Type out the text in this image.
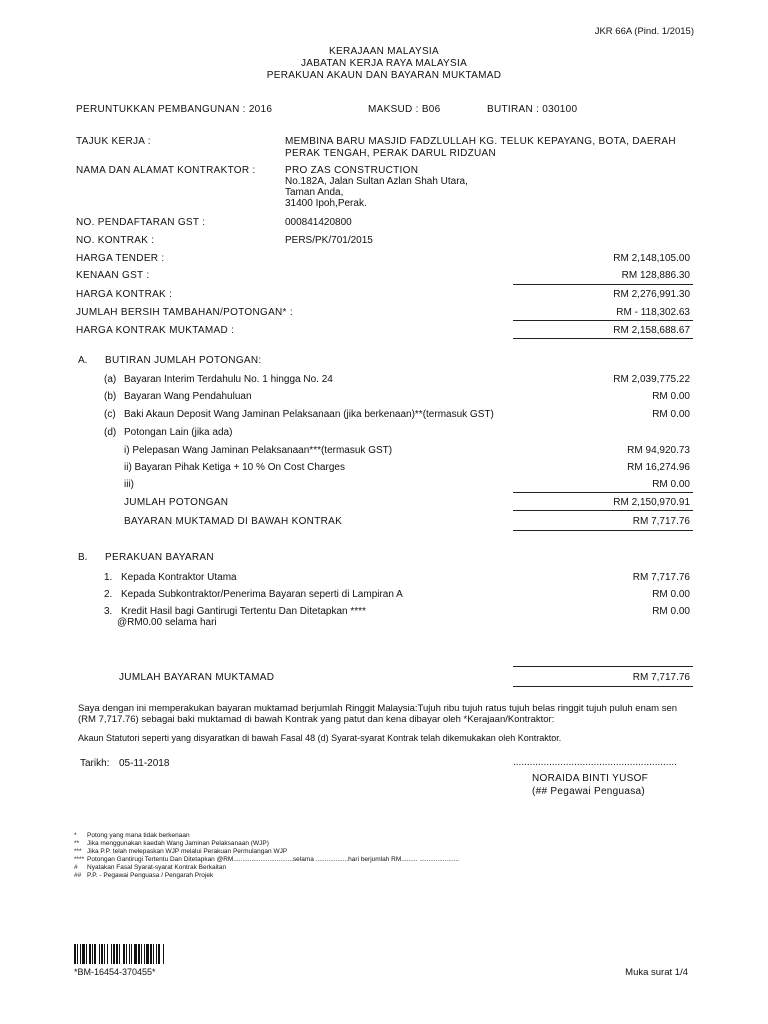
JKR 66A (Pind. 1/2015)
KERAJAAN MALAYSIA
JABATAN KERJA RAYA MALAYSIA
PERAKUAN AKAUN DAN BAYARAN MUKTAMAD
PERUNTUKKAN PEMBANGUNAN : 2016	MAKSUD : B06	BUTIRAN : 030100
TAJUK KERJA :	MEMBINA BARU MASJID FADZLULLAH KG. TELUK KEPAYANG, BOTA, DAERAH
PERAK TENGAH, PERAK DARUL RIDZUAN
NAMA DAN ALAMAT KONTRAKTOR :	PRO ZAS CONSTRUCTION
No.182A, Jalan Sultan Azlan Shah Utara,
Taman Anda,
31400 Ipoh,Perak.
NO. PENDAFTARAN GST :	000841420800
NO. KONTRAK :	PERS/PK/701/2015
HARGA TENDER :	RM 2,148,105.00
KENAAN GST :	RM 128,886.30
HARGA KONTRAK :	RM 2,276,991.30
JUMLAH BERSIH TAMBAHAN/POTONGAN* :	RM - 118,302.63
HARGA KONTRAK MUKTAMAD :	RM 2,158,688.67
A. BUTIRAN JUMLAH POTONGAN:
(a) Bayaran Interim Terdahulu No. 1 hingga No. 24	RM 2,039,775.22
(b) Bayaran Wang Pendahuluan	RM 0.00
(c) Baki Akaun Deposit Wang Jaminan Pelaksanaan (jika berkenaan)**(termasuk GST)	RM 0.00
(d) Potongan Lain (jika ada)
i) Pelepasan Wang Jaminan Pelaksanaan***(termasuk GST)	RM 94,920.73
ii) Bayaran Pihak Ketiga + 10 % On Cost Charges	RM 16,274.96
iii)	RM 0.00
JUMLAH POTONGAN	RM 2,150,970.91
BAYARAN MUKTAMAD DI BAWAH KONTRAK	RM 7,717.76
B. PERAKUAN BAYARAN
1. Kepada Kontraktor Utama	RM 7,717.76
2. Kepada Subkontraktor/Penerima Bayaran seperti di Lampiran A	RM 0.00
3. Kredit Hasil bagi Gantirugi Tertentu Dan Ditetapkan ****
@RM0.00 selama hari
RM 0.00
JUMLAH BAYARAN MUKTAMAD	RM 7,717.76
Saya dengan ini memperakukan bayaran muktamad berjumlah Ringgit Malaysia:Tujuh ribu tujuh ratus tujuh belas ringgit tujuh puluh enam sen (RM 7,717.76) sebagai baki muktamad di bawah Kontrak yang patut dan kena dibayar oleh *Kerajaan/Kontraktor:
Akaun Statutori seperti yang disyaratkan di bawah Fasal 48 (d) Syarat-syarat Kontrak telah dikemukakan oleh Kontraktor.
Tarikh: 05-11-2018	...........................................................
NORAIDA BINTI YUSOF
(## Pegawai Penguasa)
* Potong yang mana tidak berkenaan
** Jika menggunakan kaedah Wang Jaminan Pelaksanaan (WJP)
*** Jika P.P. telah melepaskan WJP melalui Perakuan Permulangan WJP
**** Potongan Gantirugi Tertentu Dan Ditetapkan @RM.................................selama ..................hari berjumlah RM......... ......................
# Nyatakan Fasal Syarat-syarat Kontrak Berkaitan
## P.P. - Pegawai Penguasa / Pengarah Projek
*BM-16454-370455*	Muka surat 1/4
